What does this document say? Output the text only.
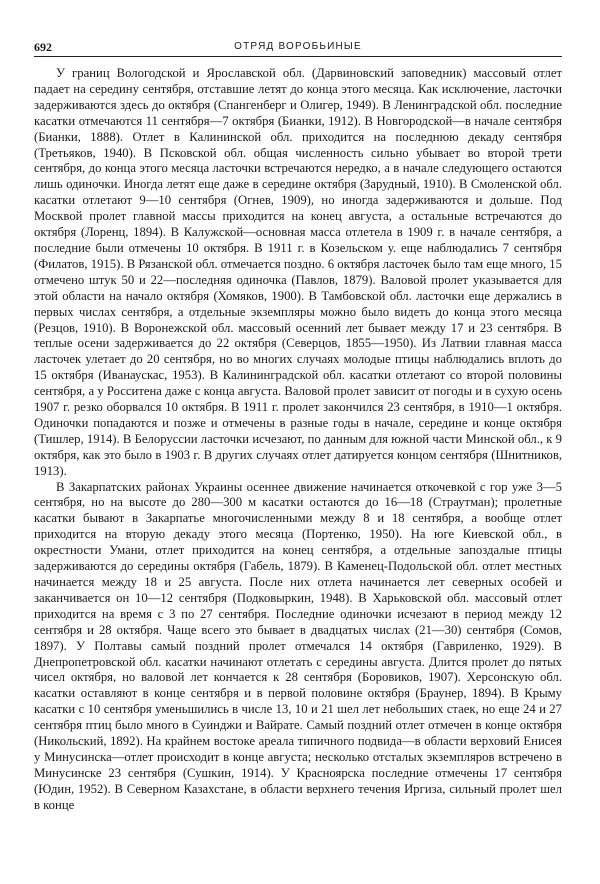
692	ОТРЯД ВОРОБЬИНЫЕ

У границ Вологодской и Ярославской обл. (Дарвиновский заповедник) массовый отлет падает на середину сентября, отставшие летят до конца этого месяца. Как исключение, ласточки задерживаются здесь до октября (Спангенберг и Олигер, 1949). В Ленинградской обл. последние касатки отмечаются 11 сентября—7 октября (Бианки, 1912). В Новгородской—в начале сентября (Бианки, 1888). Отлет в Калининской обл. приходится на последнюю декаду сентября (Третьяков, 1940). В Псковской обл. общая численность сильно убывает во второй трети сентября, до конца этого месяца ласточки встречаются нередко, а в начале следующего остаются лишь одиночки. Иногда летят еще даже в середине октября (Зарудный, 1910). В Смоленской обл. касатки отлетают 9—10 сентября (Огнев, 1909), но иногда задерживаются и дольше. Под Москвой пролет главной массы приходится на конец августа, а остальные встречаются до октября (Лоренц, 1894). В Калужской—основная масса отлетела в 1909 г. в начале сентября, а последние были отмечены 10 октября. В 1911 г. в Козельском у. еще наблюдались 7 сентября (Филатов, 1915). В Рязанской обл. отмечается поздно. 6 октября ласточек было там еще много, 15 отмечено штук 50 и 22—последняя одиночка (Павлов, 1879). Валовой пролет указывается для этой области на начало октября (Хомяков, 1900). В Тамбовской обл. ласточки еще держались в первых числах сентября, а отдельные экземпляры можно было видеть до конца этого месяца (Резцов, 1910). В Воронежской обл. массовый осенний лет бывает между 17 и 23 сентября. В теплые осени задерживается до 22 октября (Северцов, 1855—1950). Из Латвии главная масса ласточек улетает до 20 сентября, но во многих случаях молодые птицы наблюдались вплоть до 15 октября (Иванаускас, 1953). В Калининградской обл. касатки отлетают со второй половины сентября, а у Росситена даже с конца августа. Валовой пролет зависит от погоды и в сухую осень 1907 г. резко оборвался 10 октября. В 1911 г. пролет закончился 23 сентября, в 1910—1 октября. Одиночки попадаются и позже и отмечены в разные годы в начале, середине и конце октября (Тишлер, 1914). В Белоруссии ласточки исчезают, по данным для южной части Минской обл., к 9 октября, как это было в 1903 г. В других случаях отлет датируется концом сентября (Шнитников, 1913).

В Закарпатских районах Украины осеннее движение начинается откочевкой с гор уже 3—5 сентября, но на высоте до 280—300 м касатки остаются до 16—18 (Страутман); пролетные касатки бывают в Закарпатье многочисленными между 8 и 18 сентября, а вообще отлет приходится на вторую декаду этого месяца (Портенко, 1950). На юге Киевской обл., в окрестности Умани, отлет приходится на конец сентября, а отдельные запоздалые птицы задерживаются до середины октября (Габель, 1879). В Каменец-Подольской обл. отлет местных начинается между 18 и 25 августа. После них отлета начинается лет северных особей и заканчивается он 10—12 сентября (Подковыркин, 1948). В Харьковской обл. массовый отлет приходится на время с 3 по 27 сентября. Последние одиночки исчезают в период между 12 сентября и 28 октября. Чаще всего это бывает в двадцатых числах (21—30) сентября (Сомов, 1897). У Полтавы самый поздний пролет отмечался 14 октября (Гавриленко, 1929). В Днепропетровской обл. касатки начинают отлетать с середины августа. Длится пролет до пятых чисел октября, но валовой лет кончается к 28 сентября (Боровиков, 1907). Херсонскую обл. касатки оставляют в конце сентября и в первой половине октября (Браунер, 1894). В Крыму касатки с 10 сентября уменьшились в числе 13, 10 и 21 шел лет небольших стаек, но еще 24 и 27 сентября птиц было много в Суинджи и Вайрате. Самый поздний отлет отмечен в конце октября (Никольский, 1892). На крайнем востоке ареала типичного подвида—в области верховий Енисея у Минусинска—отлет происходит в конце августа; несколько отсталых экземпляров встречено в Минусинске 23 сентября (Сушкин, 1914). У Красноярска последние отмечены 17 сентября (Юдин, 1952). В Северном Казахстане, в области верхнего течения Иргиза, сильный пролет шел в конце
